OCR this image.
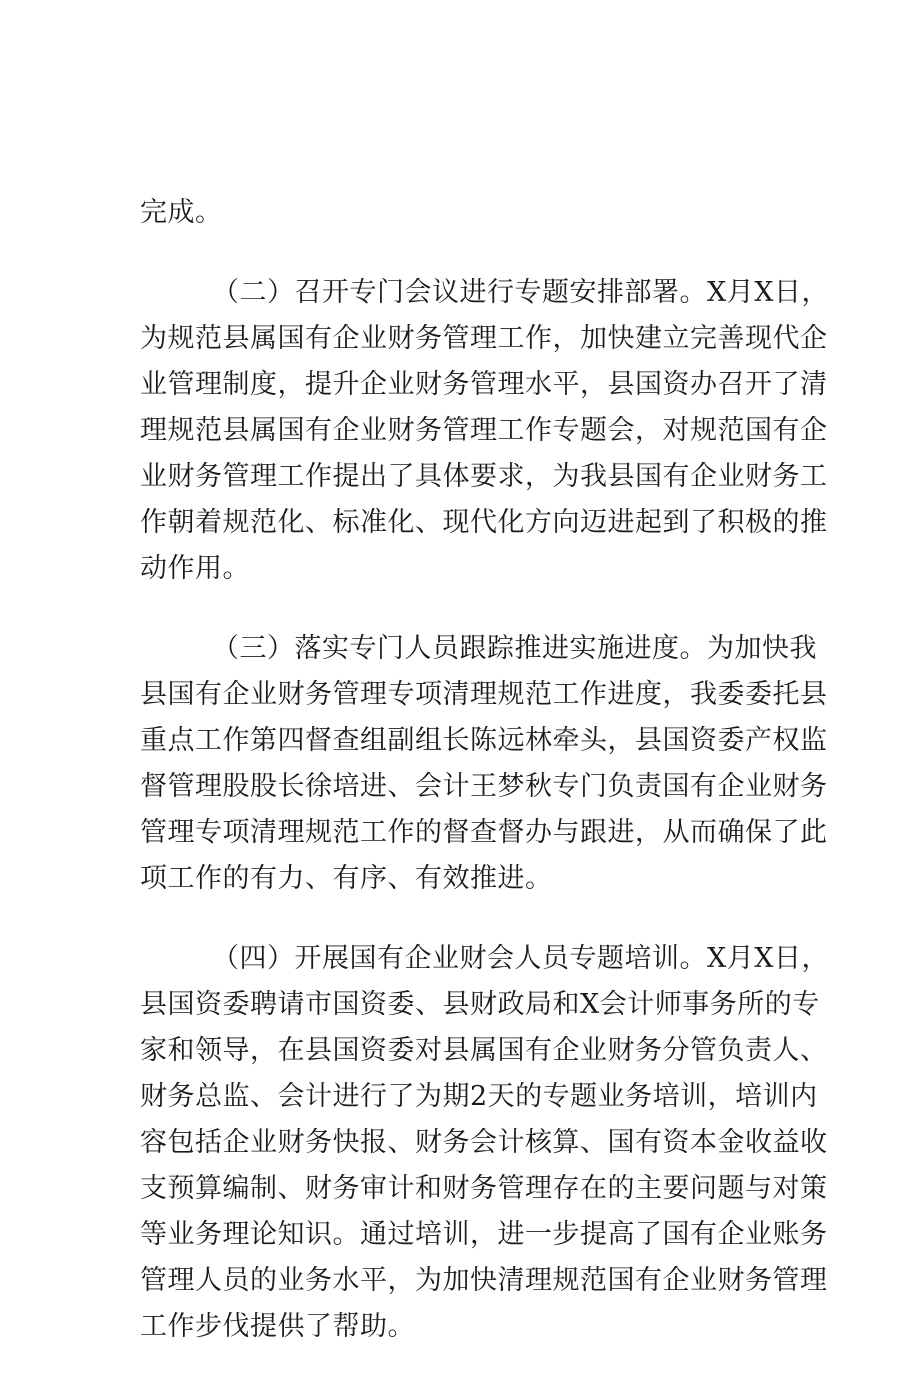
完成。
（二）召开专门会议进行专题安排部署。X月X日，
为规范县属国有企业财务管理工作，加快建立完善现代企
业管理制度，提升企业财务管理水平，县国资办召开了清
理规范县属国有企业财务管理工作专题会，对规范国有企
业财务管理工作提出了具体要求，为我县国有企业财务工
作朝着规范化、标准化、现代化方向迈进起到了积极的推
动作用。
（三）落实专门人员跟踪推进实施进度。为加快我
县国有企业财务管理专项清理规范工作进度，我委委托县
重点工作第四督查组副组长陈远林牵头，县国资委产权监
督管理股股长徐培进、会计王梦秋专门负责国有企业财务
管理专项清理规范工作的督查督办与跟进，从而确保了此
项工作的有力、有序、有效推进。
（四）开展国有企业财会人员专题培训。X月X日，
县国资委聘请市国资委、县财政局和X会计师事务所的专
家和领导，在县国资委对县属国有企业财务分管负责人、
财务总监、会计进行了为期2天的专题业务培训，培训内
容包括企业财务快报、财务会计核算、国有资本金收益收
支预算编制、财务审计和财务管理存在的主要问题与对策
等业务理论知识。通过培训，进一步提高了国有企业账务
管理人员的业务水平，为加快清理规范国有企业财务管理
工作步伐提供了帮助。
